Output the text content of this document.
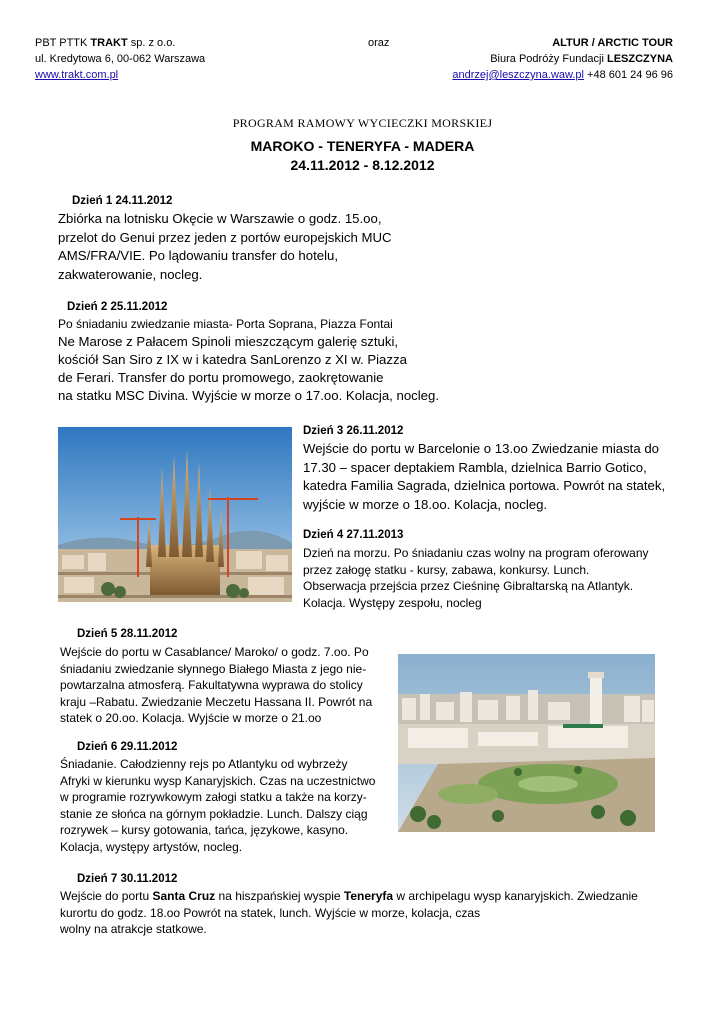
PBT PTTK TRAKT sp. z o.o.
ul. Kredytowa 6, 00-062 Warszawa
www.trakt.com.pl
oraz	ALTUR / ARCTIC TOUR
Biura Podróży Fundacji LESZCZYNA
andrzej@leszczyna.waw.pl +48 601 24 96 96
PROGRAM RAMOWY WYCIECZKI MORSKIEJ
MAROKO - TENERYFA - MADERA
24.11.2012 - 8.12.2012
Dzień 1 24.11.2012
Zbiórka na lotnisku Okęcie w Warszawie o godz. 15.oo,
przelot do Genui przez jeden z portów europejskich MUC
AMS/FRA/VIE. Po lądowaniu transfer do hotelu,
zakwaterowanie, nocleg.
Dzień 2 25.11.2012
Po śniadaniu zwiedzanie miasta- Porta Soprana, Piazza Fontai
Ne Marose z Pałacem Spinoli mieszczącym galerię sztuki,
kościół San Siro z IX w i katedra SanLorenzo z XI w. Piazza
de Ferari. Transfer do portu promowego, zaokrętowanie
na statku MSC Divina. Wyjście w morze o 17.oo. Kolacja, nocleg.
Dzień 3 26.11.2012
Wejście do portu w Barcelonie o 13.oo Zwiedzanie miasta do
17.30 – spacer deptakiem Rambla, dzielnica Barrio Gotico,
katedra Familia Sagrada, dzielnica portowa. Powrót na statek,
wyjście w morze o 18.oo. Kolacja, nocleg.
Dzień 4 27.11.2013
Dzień na morzu. Po śniadaniu czas wolny na program oferowany
przez załogę statku - kursy, zabawa, konkursy. Lunch.
Obserwacja przejścia przez Cieśninę Gibraltarską na Atlantyk.
Kolacja. Występy zespołu, nocleg
Dzień 5 28.11.2012
Wejście do portu w Casablance/ Maroko/ o godz. 7.oo. Po
śniadaniu zwiedzanie słynnego Białego Miasta z jego nie-
powtarzalna atmosferą. Fakultatywna wyprawa do stolicy
kraju –Rabatu. Zwiedzanie Meczetu Hassana II. Powrót na
statek o 20.oo. Kolacja. Wyjście w morze o 21.oo
Dzień 6 29.11.2012
Śniadanie. Całodzienny rejs po Atlantyku od wybrzeży
Afryki w kierunku wysp Kanaryjskich. Czas na uczestnictwo
w programie rozrywkowym załogi statku a także na korzy-
stanie ze słońca na górnym pokładzie. Lunch. Dalszy ciąg
rozrywek – kursy gotowania, tańca, językowe, kasyno.
Kolacja, występy artystów, nocleg.
Dzień 7 30.11.2012
Wejście do portu Santa Cruz na hiszpańskiej wyspie Teneryfa w archipelagu wysp kanaryjskich. Zwiedzanie
kurortu do godz. 18.oo Powrót na statek, lunch. Wyjście w morze, kolacja, czas
wolny na atrakcje statkowe.
